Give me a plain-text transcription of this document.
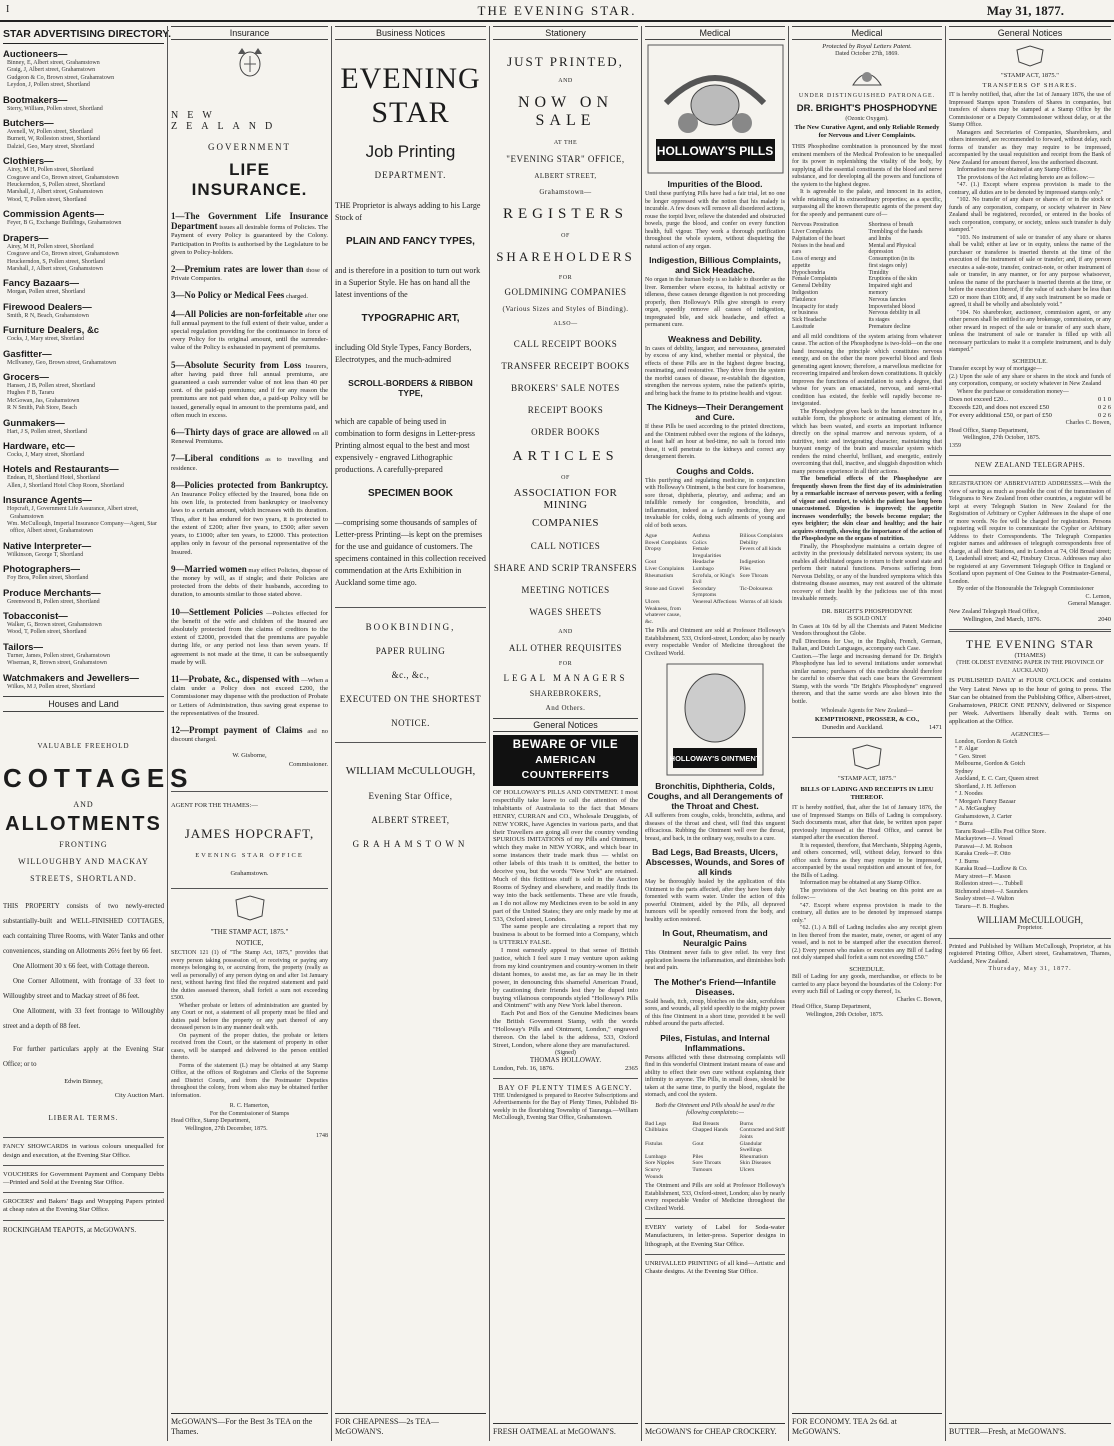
I	THE EVENING STAR.	May 31, 1877.
STAR ADVERTISING DIRECTORY.
Auctioneers—
Binney, E, Albert street, Grahamstown
Graig, J, Albert street, Grahamstown
Gudgeon & Co, Brown street, Grahamstown
Leydon, J, Pollen street, Shortland
Bootmakers—
Sterry, William, Pollen street, Shortland
Butchers—
Avenell, W, Pollen street, Shortland
Burnett, W, Rolleston street, Shortland
Dalziel, Geo, Mary street, Shortland
Clothiers—
Airey, M H, Pollen street, Shortland
Cosgrave and Co, Brown street, Grahamstown
Heuckerndon, S, Pollen street, Shortland
Marshall, J, Albert street, Grahamstown
Wood, T, Pollen street, Shortland
Commission Agents—
Feyer, B G, Exchange Buildings, Grahamstown
Drapers—
Airey, M H, Pollen street, Shortland
Cosgrave and Co, Brown street, Grahamstown
Heuckerndon, S, Pollen street, Shortland
Marshall, J, Albert street, Grahamstown
Fancy Bazaars—
Morgan, Pollen street, Shortland
Firewood Dealers—
Smith, R N, Beach, Grahamstown
Furniture Dealers, &c
Cocks, J, Mary street, Shortland
Gasfitter—
McIlvaney, Geo, Brown street, Grahamstown
Grocers—
Hansen, J B, Pollen street, Shortland
Hughes F B, Tararu
McGowan, Jas, Grahamstown
R N Smith, Pah Store, Beach
Gunmakers—
Hart, J S, Pollen street, Shortland
Hardware, etc—
Cocks, J, Mary street, Shortland
Hotels and Restaurants—
Endean, H, Shortland Hotel, Shortland
Allen, J, Shortland Hotel Chop Room, Shortland
Insurance Agents—
Hopcraft, J, Government Life Assurance, Albert street, Grahamstown
Wm. McCullough, Imperial Insurance Company—Agent, Star office, Albert street, Grahamstown
Native Interpreter—
Wilkinson, George T, Shortland
Photographers—
Foy Bros, Pollen street, Shortland
Produce Merchants—
Greenwood B, Pollen street, Shortland
Tobacconist—
Walker, G, Brown street, Grahamstown
Wood, T, Pollen street, Shortland
Tailors—
Turner, James, Pollen street, Grahamstown
Wiseman, R, Brown street, Grahamstown
Watchmakers and Jewellers—
Wilkes, M J, Pollen street, Shortland
Houses and Land
VALUABLE FREEHOLD
COTTAGES
AND
ALLOTMENTS
FRONTING
WILLOUGHBY AND MACKAY
STREETS, SHORTLAND.
THIS PROPERTY consists of two newly-erected substantially-built and WELL-FINISHED COTTAGES, each containing Three Rooms, with Water Tanks and other conveniences, standing on Allotments 26½ feet by 66 feet.
One Allotment 30 x 66 feet, with Cottage thereon.
One Corner Allotment, with frontage of 33 feet to Willoughby street and to Mackay street of 86 feet.
One Allotment, with 33 feet frontage to Willoughby street and a depth of 88 feet.
For further particulars apply at the Evening Star Office; or to
Edwin Binney,
City Auction Mart.
LIBERAL TERMS.
FANCY SHOWCARDS in various colours unequalled for design and execution, at the Evening Star Office.
VOUCHERS for Government Payment and Company Debts—Printed and Sold at the Evening Star Office.
GROCERS' and Bakers' Bags and Wrapping Papers printed at cheap rates at the Evening Star Office.
ROCKINGHAM TEAPOTS, at McGOWAN'S.
Insurance
NEW ZEALAND
GOVERNMENT
LIFE INSURANCE.
1—The Government Life Insurance Department issues all desirable forms of Policies. The Payment of every Policy is guaranteed by the Colony. Participation in Profits is authorised by the Legislature to be given to Policy-holders.
2—Premium rates are lower than those of Private Companies.
3—No Policy or Medical Fees charged.
4—All Policies are non-forfeitable after one full annual payment to the full extent of their value, under a special regulation providing for the continuance in force of every Policy for its original amount, until the surrender-value of the Policy is exhausted in payment of premiums.
5—Absolute Security from Loss Insurers, after having paid three full annual premiums, are guaranteed a cash surrender value of not less than 40 per cent. of the paid-up premiums; and if for any reason the premiums are not paid when due, a paid-up Policy will be issued, generally equal in amount to the premiums paid, and often much in excess.
6—Thirty days of grace are allowed on all Renewal Premiums.
7—Liberal conditions as to travelling and residence.
8—Policies protected from Bankruptcy. An Insurance Policy effected by the Insured, bona fide on his own life, is protected from bankruptcy or insolvency laws to a certain amount, which increases with its duration. Thus, after it has endured for two years, it is protected to the extent of £200; after five years, to £500; after seven years, to £1000; after ten years, to £2000. This protection applies only in favour of the personal representative of the Insured.
9—Married women may effect Policies, dispose of the money by will, as if single; and their Policies are protected from the debts of their husbands, according to duration, to amounts similar to those stated above.
10—Settlement Policies —Policies effected for the benefit of the wife and children of the Insured are absolutely protected from the claims of creditors to the extent of £2000, provided that the premiums are payable during life, or any period not less than seven years. If agreement is not made at the time, it can be subsequently made by will.
11—Probate, &c., dispensed with —When a claim under a Policy does not exceed £200, the Commissioner may dispense with the production of Probate or Letters of Administration, thus saving great expense to the representatives of the Insured.
12—Prompt payment of Claims and no discount charged.
W. Gisborne,
Commissioner.
AGENT FOR THE THAMES:—
JAMES HOPCRAFT,
EVENING STAR OFFICE
Grahamstown.
"THE STAMP ACT, 1875."
NOTICE,
SECTION 121 (1) of "The Stamp Act, 1875," provides that every person taking possession of, or receiving or paying any moneys belonging to, or accruing from, the property (really as well as personally) of any person dying on and after 1st January next, without having first filed the required statement and paid the duties assessed thereon, shall forfeit a sum not exceeding £500.
Whether probate or letters of administration are granted by any Court or not, a statement of all property must be filed and duties paid before the property or any part thereof of any deceased person is in any manner dealt with.
On payment of the proper duties, the probate or letters received from the Court, or the statement of property in other cases, will be stamped and delivered to the person entitled thereto.
Forms of the statement (L) may be obtained at any Stamp Office, at the offices of Registrars and Clerks of the Supreme and District Courts, and from the Postmaster Deputies throughout the colony, from whom also may be obtained further information.
R. C. Hamerton,
For the Commissioner of Stamps
Head Office, Stamp Department,
Wellington, 27th December, 1875.
1748
McGOWAN'S—For the Best 3s TEA on the Thames.
Business Notices
EVENING STAR
Job Printing
DEPARTMENT.
THE Proprietor is always adding to his Large Stock of
PLAIN AND FANCY TYPES,
and is therefore in a position to turn out work in a Superior Style. He has on hand all the latest inventions of the
TYPOGRAPHIC ART,
including Old Style Types, Fancy Borders, Electrotypes, and the much-admired
SCROLL-BORDERS & RIBBON TYPE,
which are capable of being used in combination to form designs in Letter-press Printing almost equal to the best and most expensively - engraved Lithographic productions. A carefully-prepared
SPECIMEN BOOK
—comprising some thousands of samples of Letter-press Printing—is kept on the premises for the use and guidance of customers. The specimens contained in this collection received commendation at the Arts Exhibition in Auckland some time ago.
BOOKBINDING,
PAPER RULING
&c., &c.,
EXECUTED ON THE SHORTEST
NOTICE.
WILLIAM McCULLOUGH,
Evening Star Office,
ALBERT STREET,
GRAHAMSTOWN
FOR CHEAPNESS—2s TEA—McGOWAN'S.
Stationery
JUST PRINTED,
AND
NOW ON SALE
AT THE
"EVENING STAR" OFFICE,
ALBERT STREET,
Grahamstown—
REGISTERS
OF
SHAREHOLDERS
FOR
GOLDMINING COMPANIES
(Various Sizes and Styles of Binding).
ALSO—
CALL RECEIPT BOOKS
TRANSFER RECEIPT BOOKS
BROKERS' SALE NOTES
RECEIPT BOOKS
ORDER BOOKS
ARTICLES
OF
ASSOCIATION FOR MINING
COMPANIES
CALL NOTICES
SHARE AND SCRIP TRANSFERS
MEETING NOTICES
WAGES SHEETS
AND
ALL OTHER REQUISITES
FOR
LEGAL MANAGERS
SHAREBROKERS,
And Others.
General Notices
BEWARE OF VILE
AMERICAN COUNTERFEITS
OF HOLLOWAY'S PILLS AND OINTMENT. I most respectfully take leave to call the attention of the inhabitants of Australasia to the fact that Messrs HENRY, CURRAN and CO., Wholesale Druggists, of NEW YORK, have Agencies in various parts, and that their Travellers are going all over the country vending SPURIOUS IMITATIONS of my Pills and Ointment, which they make in NEW YORK, and which bear in some instances their trade mark thus — whilst on other labels of this trash it is omitted, the better to deceive you, but the words "New York" are retained. Much of this fictitious stuff is sold in the Auction Rooms of Sydney and elsewhere, and readily finds its way into the back settlements. These are vile frauds, as I do not allow my Medicines even to be sold in any part of the United States; they are only made by me at 533, Oxford street, London.
The same people are circulating a report that my business is about to be formed into a Company, which is UTTERLY FALSE.
I most earnestly appeal to that sense of British justice, which I feel sure I may venture upon asking from my kind countrymen and country-women in their distant homes, to assist me, as far as may lie in their power, in denouncing this shameful American Fraud, by cautioning their friends lest they be duped into buying villainous compounds styled "Holloway's Pills and Ointment" with any New York label thereon.
Each Pot and Box of the Genuine Medicines bears the British Government Stamp, with the words "Holloway's Pills and Ointment, London," engraved thereon. On the label is the address, 533, Oxford Street, London, where alone they are manufactured.
(Signed)
THOMAS HOLLOWAY.
London, Feb. 16, 1876.	2365
BAY OF PLENTY TIMES AGENCY.
THE Undersigned is prepared to Receive Subscriptions and Advertisements for the Bay of Plenty Times, Published Bi-weekly in the flourishing Township of Tauranga.—William McCullough, Evening Star Office, Grahamstown.
FRESH OATMEAL at McGOWAN'S.
Medical
HOLLOWAY'S PILLS
Impurities of the Blood.
Until these purifying Pills have had a fair trial, let no one be longer oppressed with the notion that his malady is incurable. A few doses will remove all disordered actions, rouse the torpid liver, relieve the distended and obstructed bowels, purge the blood, and confer on every function health, full vigour. They work a thorough purification throughout the whole system, without disquieting the natural action of any organ.
Indigestion, Billious Complaints, and Sick Headache.
No organ in the human body is so liable to disorder as the liver. Remember where excess, its habitual activity or idleness, these causes derange digestion is not proceeding properly, then Holloway's Pills give strength to every organ, speedily remove all causes of indigestion, impregnated bile, and sick headache, and effect a permanent cure.
Weakness and Debility.
In cases of debility, languor, and nervousness, generated by excess of any kind, whether mental or physical, the effects of these Pills are in the highest degree bracing, reanimating, and restorative. They drive from the system the morbid causes of disease, re-establish the digestion, strengthen the nervous system, raise the patient's spirits, and bring back the frame to its pristine health and vigour.
The Kidneys—Their Derangement and Cure.
If these Pills be used according to the printed directions, and the Ointment rubbed over the regions of the kidneys, at least half an hour at bed-time, no salt is forced into these, it will penetrate to the kidneys and correct any derangement therein.
Coughs and Colds.
This purifying and regulating medicine, in conjunction with Holloway's Ointment, is the best cure for hoarseness, sore throat, diphtheria, pleurisy, and asthma; and an infallible remedy for congestion, bronchitis, and inflammation, indeed as a family medicine, they are invaluable for colds, doing such ailments of young and old of both sexes.
Ague	Asthma	Bilious Complaints
Bowel Complaints Colics	Debility
Dropsy	Female Irregularities
Fevers of all kinds
Gout	Headache	Indigestion
Liver Complaints	Lumbago	Piles
Rheumatism	Scrofula, or King's Evil
Sore Throats
Stone and Gravel	Secondary Symptoms
Tic-Doloureux
Ulcers	Venereal Affections Worms of all kinds
Weakness, from whatever cause, &c.
The Pills and Ointment are sold at Professor Holloway's Establishment, 533, Oxford-street, London; also by nearly every respectable Vendor of Medicine throughout the Civilized World.
HOLLOWAY'S OINTMENT
Bronchitis, Diphtheria, Colds, Coughs, and all Derangements of the Throat and Chest.
All sufferers from coughs, colds, bronchitis, asthma, and diseases of the throat and chest, will find this unguent efficacious. Rubbing the Ointment well over the throat, breast, and back, in the ordinary way, results to a cure.
Bad Legs, Bad Breasts, Ulcers, Abscesses, Wounds, and Sores of all kinds
May be thoroughly healed by the application of this Ointment to the parts affected, after they have been duly fomented with warm water. Under the action of this powerful Ointment, aided by the Pills, all depraved humours will be speedily removed from the body, and healthy action restored.
In Gout, Rheumatism, and Neuralgic Pains
This Ointment never fails to give relief. Its very first application lessens the inflammation, and diminishes both heat and pain.
The Mother's Friend—Infantile Diseases.
Scald heads, itch, croup, blotches on the skin, scrofulous sores, and wounds, all yield speedily to the mighty power of this fine Ointment in a short time, provided it be well rubbed around the parts affected.
Piles, Fistulas, and Internal Inflammations.
Persons afflicted with these distressing complaints will find in this wonderful Ointment instant means of ease and ability to effect their own cure without explaining their infirmity to anyone. The Pills, in small doses, should be taken at the same time, to purify the blood, regulate the stomach, and cool the system.
Both the Ointment and Pills should be used in the following complaints:—
Bad Legs	Bad Breasts	Burns
Chilblains	Chapped Hands	Contracted and Stiff Joints
Fistulas	Gout	Glandular Swellings
Lumbago	Piles	Rheumatism
Sore Nipples	Sore Throats	Skin Diseases
Scurvy	Tumours	Ulcers
Wounds
The Ointment and Pills are sold at Professor Holloway's Establishment, 533, Oxford-street, London; also by nearly every respectable Vendor of Medicine throughout the Civilized World.
EVERY variety of Label for Soda-water Manufacturers, in letter-press. Superior designs in lithograph, at the Evening Star Office.
UNRIVALLED PRINTING of all kind—Artistic and Chaste designs. At the Evening Star Office.
McGOWAN'S for CHEAP CROCKERY.
Medical
Protected by Royal Letters Patent.
Dated October 27th, 1869.
UNDER DISTINGUISHED PATRONAGE.
DR. BRIGHT'S PHOSPHODYNE
(Ozonic Oxygen).
The New Curative Agent, and only Reliable Remedy for Nervous and Liver Complaints.
THIS Phosphodine combination is pronounced by the most eminent members of the Medical Profession to be unequalled for its power in replenishing the vitality of the body, by supplying all the essential constituents of the blood and nerve substance, and for developing all the powers and functions of the system to the highest degree.
It is agreeable to the palate, and innocent in its action, while retaining all its extraordinary properties; as a specific, surpassing all the known therapeutic agents of the present day for the speedy and permanent cure of—
Nervous Prostration	Shortness of breath
Liver Complaints	Trembling of the hands
Palpitation of the heart	and limbs
Noises in the head and	Mental and Physical
ears	depression
Loss of energy and	Consumption (in its
appetite	first stages only)
Hypochondria	Timidity
Female Complaints	Eruptions of the skin
General Debility	Impaired sight and
Indigestion	memory
Flatulence	Nervous fancies
Incapacity for study	Impoverished blood
or business	Nervous debility in all
Sick Headache	its stages
Lassitude	Premature decline
and all mild conditions of the system arising from whatever cause. The action of the Phosphodyne is two-fold—on the one hand increasing the principle which constitutes nervous energy, and on the other the more powerful blood and flesh generating agent known; therefore, a marvellous medicine for recovering impaired and broken down constitutions. It quickly improves the functions of assimilation to such a degree, that whose for years an emaciated, nervous, and semi-vital condition has existed, the feeble will rapidly become re-invigorated.
The Phosphodyne gives back to the human structure in a suitable form, the phosphoric or animating element of life, which has been wasted, and exerts an important influence directly on the spinal marrow and nervous system, of a nutritive, tonic and invigorating character, maintaining that buoyant energy of the brain and muscular system which renders the mind cheerful, brilliant, and energetic, entirely overcoming that dull, inactive, and sluggish disposition which many persons experience in all their actions.
The beneficial effects of the Phosphodyne are frequently shown from the first day of its administration by a remarkable increase of nervous power, with a feeling of vigour and comfort, to which the patient has long been unaccustomed. Digestion is improved; the appetite increases wonderfully; the bowels become regular; the eyes brighter; the skin clear and healthy; and the hair acquires strength, showing the importance of the action of the Phosphodyne on the organs of nutrition.
Finally, the Phosphodyne maintains a certain degree of activity in the previously debilitated nervous system; its use enables all debilitated organs to return to their sound state and perform their natural functions. Persons suffering from Nervous Debility, or any of the hundred symptoms which this distressing disease assumes, may rest assured of the ultimate recovery of their health by the judicious use of this most invaluable remedy.
DR. BRIGHT'S PHOSPHODYNE
IS SOLD ONLY
In Cases at 10s 6d by all the Chemists and Patent Medicine Vendors throughout the Globe.
Full Directions for Use, in the English, French, German, Italian, and Dutch Languages, accompany each Case.
Caution.—The large and increasing demand for Dr. Bright's Phosphodyne has led to several imitations under somewhat similar names; purchasers of this medicine should therefore be careful to observe that each case bears the Government Stamp, with the words "Dr Bright's Phosphodyne" engraved thereon, and that the same words are also blown into the bottle.
Wholesale Agents for New Zealand—
KEMPTHORNE, PROSSER, & CO.,
Dunedin and Auckland.	1471
"STAMP ACT, 1875."
BILLS OF LADING AND RECEIPTS IN LIEU THEREOF.
IT is hereby notified, that, after the 1st of January 1876, the use of Impressed Stamps on Bills of Lading is compulsory. Such documents must, after that date, be written upon paper previously impressed at the Head Office, and cannot be stamped after the execution thereof.
It is requested, therefore, that Merchants, Shipping Agents, and others concerned, will, without delay, forward to this office such forms as they may require to be impressed, accompanied by the usual requisition and amount of fee, for the Bills of Lading.
Information may be obtained at any Stamp Office.
The provisions of the Act bearing on this point are as follow:—
"47. Except where express provision is made to the contrary, all duties are to be denoted by impressed stamps only."
"62. (1.) A Bill of Lading includes also any receipt given in lieu thereof from the master, mate, owner, or agent of any vessel, and is not to be stamped after the execution thereof. (2.) Every person who makes or executes any Bill of Lading not duly stamped shall forfeit a sum not exceeding £50."
SCHEDULE.
Bill of Lading for any goods, merchandise, or effects to be carried to any place beyond the boundaries of the Colony: For every such Bill of Lading or copy thereof, 1s.
Charles C. Bowen,
Head Office, Stamp Department,
Wellington, 29th October, 1875.
FOR ECONOMY. TEA 2s 6d. at McGOWAN'S.
General Notices
"STAMP ACT, 1875."
TRANSFERS OF SHARES.
IT is hereby notified, that, after the 1st of January 1876, the use of Impressed Stamps upon Transfers of Shares in companies, but transfers of shares may be stamped at a Stamp Office by the Commissioner or a Deputy Commissioner without delay, or at the Stamp Office.
Managers and Secretaries of Companies, Sharebrokers, and others interested, are recommended to forward, without delay, such forms of transfer as they may require to be impressed, accompanied by the usual requisition and receipt from the Bank of New Zealand for amount thereof, less the authorised discount.
Information may be obtained at any Stamp Office.
The provisions of the Act relating hereto are as follow:—
"47. (1.) Except where express provision is made to the contrary, all duties are to be denoted by impressed stamps only."
"102. No transfer of any share or shares of or in the stock or funds of any corporation, company, or society whatever in New Zealand shall be registered, recorded, or entered in the books of such corporation, company, or society, unless such transfer is duly stamped."
"103. No instrument of sale or transfer of any share or shares shall be valid; either at law or in equity, unless the name of the purchaser or transferee is inserted therein at the time of the execution of the instrument of sale or transfer; and, if any person executes a sale-note, transfer, contract-note, or other instrument of sale or transfer, in any manner, or for any purpose whatsoever, unless the name of the purchaser is inserted therein at the time, or before the execution thereof, if the value of such share be less than £20 or more than £100; and, if any such instrument be so made or agreed, it shall be wholly and absolutely void."
"104. No sharebroker, auctioneer, commission agent, or any other person shall be entitled to any brokerage, commission, or any other reward in respect of the sale or transfer of any such share, unless the instrument of sale or transfer is filled up with all necessary particulars to make it a complete instrument, and is duly stamped."
SCHEDULE.
Transfer except by way of mortgage—
(2.) Upon the sale of any share or shares in the stock and funds of any corporation, company, or society whatever in New Zealand
Where the purchase or consideration money—
Does not exceed £20...	0 1 0
Exceeds £20, and does not exceed £50	0 2 6
For every additional £50, or part of £50	0 2 6
Charles C. Bowen,
Head Office, Stamp Department,
Wellington, 27th October, 1875.
1359
NEW ZEALAND TELEGRAPHS.
REGISTRATION OF ABBREVIATED ADDRESSES.—With the view of saving as much as possible the cost of the transmission of Telegrams to New Zealand from other countries, a register will be kept at every Telegraph Station in New Zealand for the Registration of Arbitrary or Cypher Addresses in the shape of one or more words. No fee will be charged for registration. Persons registering will require to communicate the Cypher or Arbitrary Address to their Correspondents. The Telegraph Companies register names and addresses of telegraph correspondents free of charge, at all their Stations, and in London at 74, Old Broad street; 8, Leadenhall street; and 42, Finsbury Circus. Addresses may also be registered at any Government Telegraph Office in England or Scotland upon payment of One Guinea to the Postmaster-General, London.
By order of the Honourable the Telegraph Commissioner
C. Lemon,
General Manager.
New Zealand Telegraph Head Office,
Wellington, 2nd March, 1876.	2040
THE EVENING STAR
(THAMES)
(THE OLDEST EVENING PAPER IN THE PROVINCE OF AUCKLAND)
IS PUBLISHED DAILY at FOUR O'CLOCK and contains the Very Latest News up to the hour of going to press. The Star can be obtained from the Publishing Office, Albert-street, Grahamstown, PRICE ONE PENNY, delivered or Sixpence per Week. Advertisers liberally dealt with. Terms on application at the Office.
AGENCIES—
London, Gordon & Gotch
" F. Algar
" Geo. Street
Melbourne, Gordon & Gotch
Sydney
Auckland, E. C. Carr, Queen street
Shortland, J. H. Jefferson
" J. Noodes
" Morgan's Fancy Bazaar
" A. McGaughey
Grahamstown, J. Carter
" Burra
Tararu Road—Ellis Post Office Store.
Mackaytown—J. Vessel
Parawai—J. M. Robson
Karaka Creek—F. Otto
" J. Burns
Karaka Road—Ludlow & Co.
Mary street—F. Mason
Rolleston street—... Tubbell
Richmond street—J. Saunders
Sealey street—J. Walton
Tararu—F. B. Hughes.
WILLIAM McCULLOUGH,
Proprietor.
Printed and Published by William McCullough, Proprietor, at his registered Printing Office, Albert street, Grahamstown, Thames, Auckland, New Zealand.
Thursday, May 31, 1877.
BUTTER—Fresh, at McGOWAN'S.
